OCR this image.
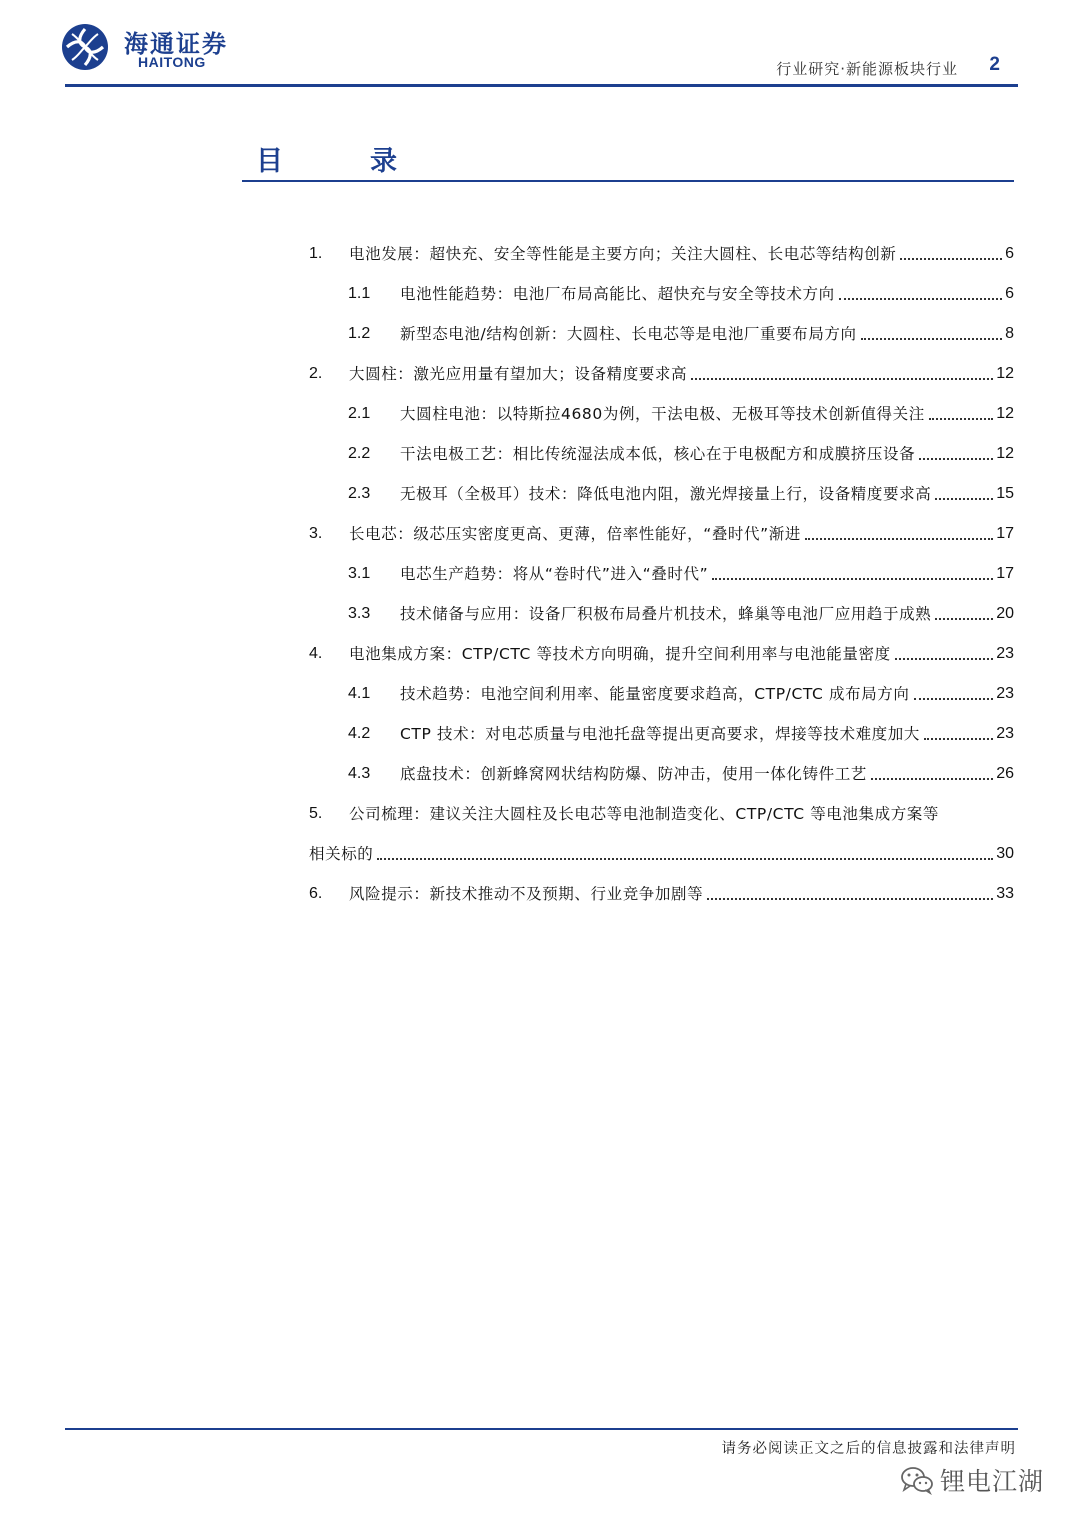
海通证券
HAITONG	行业研究·新能源板块行业 2
目　录
1.	电池发展：超快充、安全等性能是主要方向；关注大圆柱、长电芯等结构创新	6
1.1	电池性能趋势：电池厂布局高能比、超快充与安全等技术方向	6
1.2	新型态电池/结构创新：大圆柱、长电芯等是电池厂重要布局方向	8
2.	大圆柱：激光应用量有望加大；设备精度要求高	12
2.1	大圆柱电池：以特斯拉4680为例，干法电极、无极耳等技术创新值得关注	12
2.2	干法电极工艺：相比传统湿法成本低，核心在于电极配方和成膜挤压设备	12
2.3	无极耳（全极耳）技术：降低电池内阻，激光焊接量上行，设备精度要求高	15
3.	长电芯：级芯压实密度更高、更薄，倍率性能好，“叠时代”渐进	17
3.1	电芯生产趋势：将从“卷时代”进入“叠时代”	17
3.3	技术储备与应用：设备厂积极布局叠片机技术，蜂巢等电池厂应用趋于成熟	20
4.	电池集成方案：CTP/CTC 等技术方向明确，提升空间利用率与电池能量密度	23
4.1	技术趋势：电池空间利用率、能量密度要求趋高，CTP/CTC 成布局方向	23
4.2	CTP 技术：对电芯质量与电池托盘等提出更高要求，焊接等技术难度加大	23
4.3	底盘技术：创新蜂窝网状结构防爆、防冲击，使用一体化铸件工艺	26
5.	公司梳理：建议关注大圆柱及长电芯等电池制造变化、CTP/CTC 等电池集成方案等
相关标的	30
6.	风险提示：新技术推动不及预期、行业竞争加剧等	33
请务必阅读正文之后的信息披露和法律声明
锂电江湖
